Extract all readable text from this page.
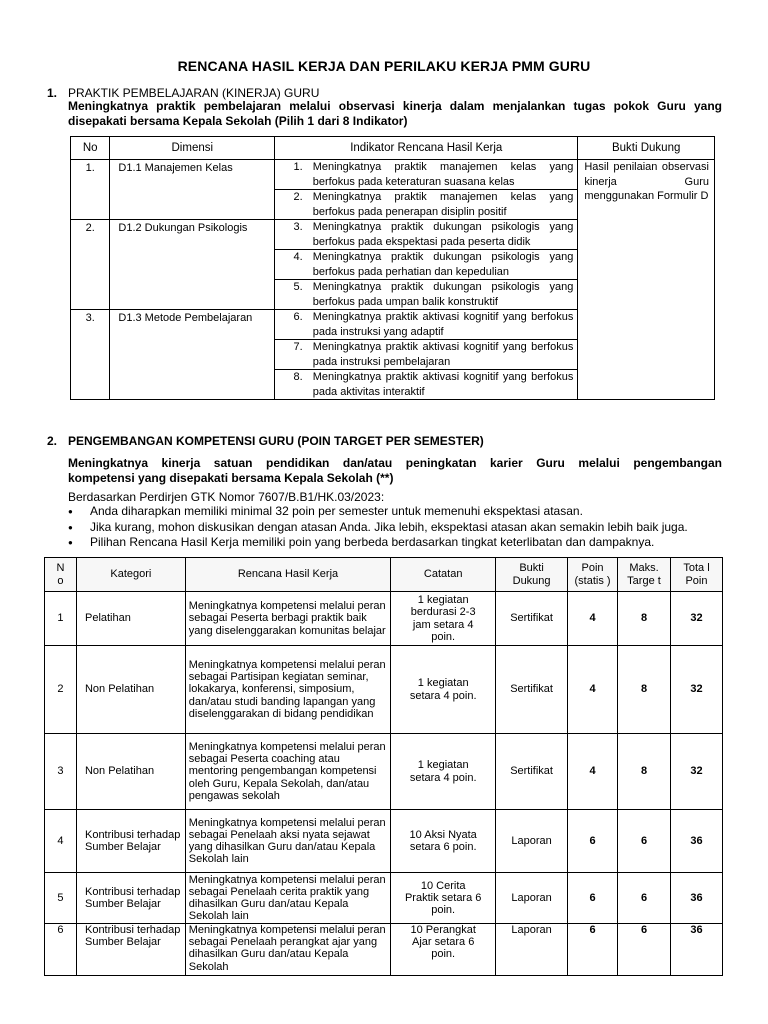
RENCANA HASIL KERJA DAN PERILAKU KERJA PMM GURU
1. PRAKTIK PEMBELAJARAN (KINERJA) GURU
Meningkatnya praktik pembelajaran melalui observasi kinerja dalam menjalankan tugas pokok Guru yang
disepakati bersama Kepala Sekolah (Pilih 1 dari 8 Indikator)
No	Dimensi	Indikator Rencana Hasil Kerja		Bukti Dukung
1.	D1.1 Manajemen Kelas	1.	Meningkatnya praktik manajemen kelas yang berfokus pada keteraturan suasana kelas	Hasil penilaian observasi kinerja Guru menggunakan Formulir D
		2.	Meningkatnya praktik manajemen kelas yang berfokus pada penerapan disiplin positif	
2.	D1.2 Dukungan Psikologis	3.	Meningkatnya praktik dukungan psikologis yang berfokus pada ekspektasi pada peserta didik	
		4.	Meningkatnya praktik dukungan psikologis yang berfokus pada perhatian dan kepedulian	
		5.	Meningkatnya praktik dukungan psikologis yang berfokus pada umpan balik konstruktif	
3.	D1.3 Metode Pembelajaran	6.	Meningkatnya praktik aktivasi kognitif yang berfokus pada instruksi yang adaptif	
		7.	Meningkatnya praktik aktivasi kognitif yang berfokus pada instruksi pembelajaran	
		8.	Meningkatnya praktik aktivasi kognitif yang berfokus pada aktivitas interaktif	
2. PENGEMBANGAN KOMPETENSI GURU (POIN TARGET PER SEMESTER)
Meningkatnya kinerja satuan pendidikan dan/atau peningkatan karier Guru melalui pengembangan
kompetensi yang disepakati bersama Kepala Sekolah (**)
Berdasarkan Perdirjen GTK Nomor 7607/B.B1/HK.03/2023:
● Anda diharapkan memiliki minimal 32 poin per semester untuk memenuhi ekspektasi atasan.
● Jika kurang, mohon diskusikan dengan atasan Anda. Jika lebih, ekspektasi atasan akan semakin lebih baik juga.
● Pilihan Rencana Hasil Kerja memiliki poin yang berbeda berdasarkan tingkat keterlibatan dan dampaknya.
N o	Kategori	Rencana Hasil Kerja	Catatan	Bukti Dukung	Poin (statis )	Maks. Targe t	Tota l Poin
1	Pelatihan	Meningkatnya kompetensi melalui peran sebagai Peserta berbagi praktik baik yang diselenggarakan komunitas belajar	1 kegiatan berdurasi 2-3 jam setara 4 poin.	Sertifikat	4	8	32
2	Non Pelatihan	Meningkatnya kompetensi melalui peran sebagai Partisipan kegiatan seminar, lokakarya, konferensi, simposium, dan/atau studi banding lapangan yang diselenggarakan di bidang pendidikan	1 kegiatan setara 4 poin.	Sertifikat	4	8	32
3	Non Pelatihan	Meningkatnya kompetensi melalui peran sebagai Peserta coaching atau mentoring pengembangan kompetensi oleh Guru, Kepala Sekolah, dan/atau pengawas sekolah	1 kegiatan setara 4 poin.	Sertifikat	4	8	32
4	Kontribusi terhadap Sumber Belajar	Meningkatnya kompetensi melalui peran sebagai Penelaah aksi nyata sejawat yang dihasilkan Guru dan/atau Kepala Sekolah lain	10 Aksi Nyata setara 6 poin.	Laporan	6	6	36
5	Kontribusi terhadap Sumber Belajar	Meningkatnya kompetensi melalui peran sebagai Penelaah cerita praktik yang dihasilkan Guru dan/atau Kepala Sekolah lain	10 Cerita Praktik setara 6 poin.	Laporan	6	6	36
6	Kontribusi terhadap Sumber Belajar	Meningkatnya kompetensi melalui peran sebagai Penelaah perangkat ajar yang dihasilkan Guru dan/atau Kepala Sekolah	10 Perangkat Ajar setara 6 poin.	Laporan	6	6	36
